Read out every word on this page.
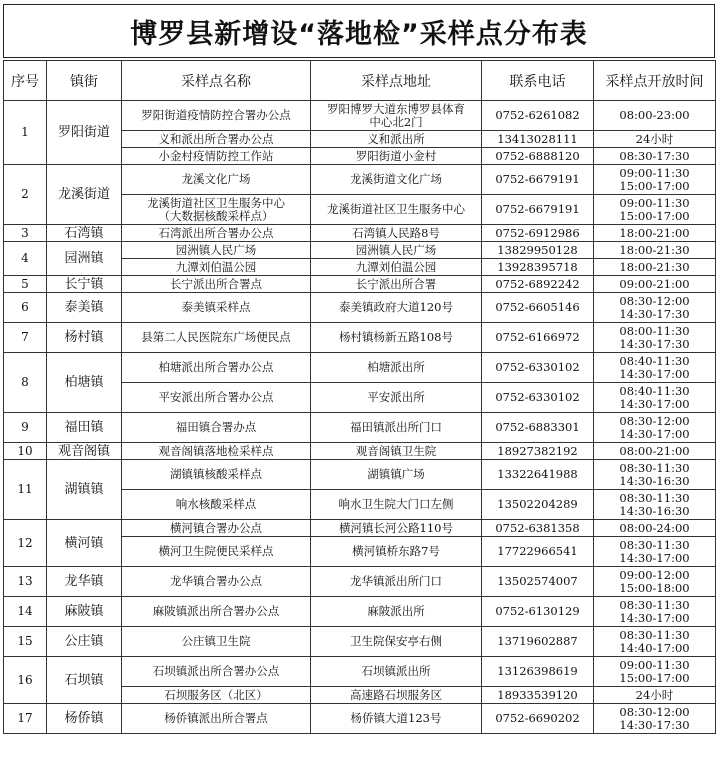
博罗县新增设“落地检”采样点分布表
序号	镇街	采样点名称	采样点地址	联系电话	采样点开放时间
1	罗阳街道	罗阳街道疫情防控合署办公点	罗阳博罗大道东博罗县体育
中心北2门	0752-6261082	08:00-23:00

		义和派出所合署办公点	义和派出所	13413028111	24小时

		小金村疫情防控工作站	罗阳街道小金村	0752-6888120	08:30-17:30

2	龙溪街道	龙溪文化广场	龙溪街道文化广场	0752-6679191	09:00-11:30
15:00-17:00

		龙溪街道社区卫生服务中心
（大数据核酸采样点）	龙溪街道社区卫生服务中心	0752-6679191	09:00-11:30
15:00-17:00

3	石湾镇	石湾派出所合署办公点	石湾镇人民路8号	0752-6912986	18:00-21:00

4	园洲镇	园洲镇人民广场	园洲镇人民广场	13829950128	18:00-21:30

		九潭刘伯温公园	九潭刘伯温公园	13928395718	18:00-21:30

5	长宁镇	长宁派出所合署点	长宁派出所合署	0752-6892242	09:00-21:00

6	泰美镇	泰美镇采样点	泰美镇政府大道120号	0752-6605146	08:30-12:00
14:30-17:30

7	杨村镇	县第二人民医院东广场便民点	杨村镇杨新五路108号	0752-6166972	08:00-11:30
14:30-17:30

8	柏塘镇	柏塘派出所合署办公点	柏塘派出所	0752-6330102	08:40-11:30
14:30-17:00

		平安派出所合署办公点	平安派出所	0752-6330102	08:40-11:30
14:30-17:00

9	福田镇	福田镇合署办点	福田镇派出所门口	0752-6883301	08:30-12:00
14:30-17:00

10	观音阁镇	观音阁镇落地检采样点	观音阁镇卫生院	18927382192	08:00-21:00

11	湖镇镇	湖镇镇核酸采样点	湖镇镇广场	13322641988	08:30-11:30
14:30-16:30

		响水核酸采样点	响水卫生院大门口左侧	13502204289	08:30-11:30
14:30-16:30

12	横河镇	横河镇合署办公点	横河镇长河公路110号	0752-6381358	08:00-24:00

		横河卫生院便民采样点	横河镇桥东路7号	17722966541	08:30-11:30
14:30-17:00

13	龙华镇	龙华镇合署办公点	龙华镇派出所门口	13502574007	09:00-12:00
15:00-18:00

14	麻陂镇	麻陂镇派出所合署办公点	麻陂派出所	0752-6130129	08:30-11:30
14:30-17:00

15	公庄镇	公庄镇卫生院	卫生院保安亭右侧	13719602887	08:30-11:30
14:40-17:00

16	石坝镇	石坝镇派出所合署办公点	石坝镇派出所	13126398619	09:00-11:30
15:00-17:00

		石坝服务区（北区）	高速路石坝服务区	18933539120	24小时

17	杨侨镇	杨侨镇派出所合署点	杨侨镇大道123号	0752-6690202	08:30-12:00
14:30-17:30
